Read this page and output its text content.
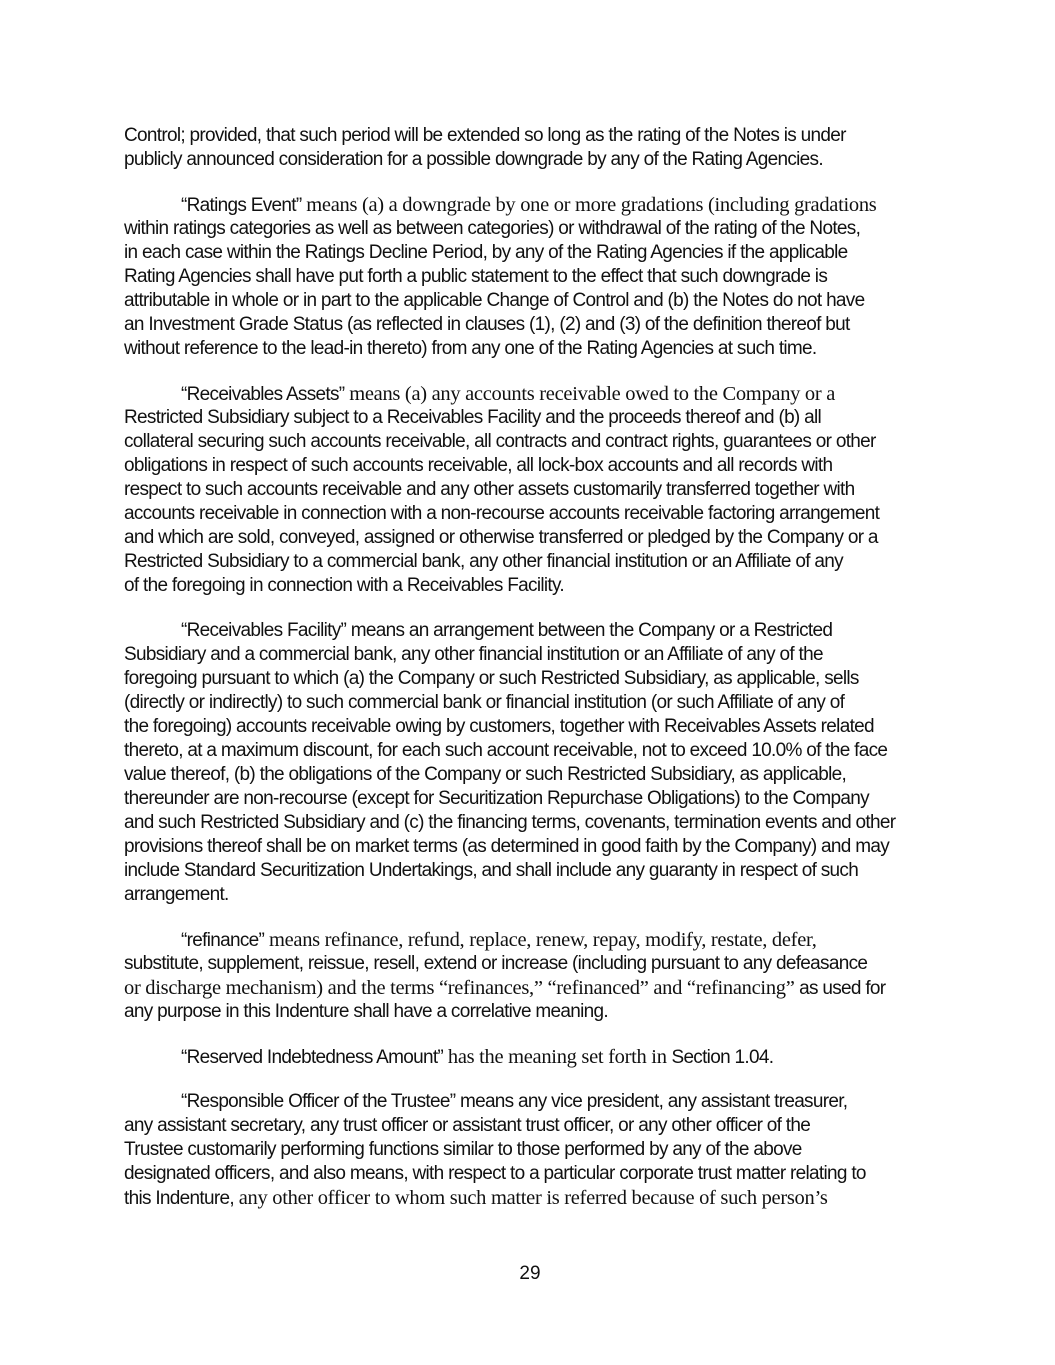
Control; provided, that such period will be extended so long as the rating of the Notes is under
publicly announced consideration for a possible downgrade by any of the Rating Agencies.
“Ratings Event” means (a) a downgrade by one or more gradations (including gradations
within ratings categories as well as between categories) or withdrawal of the rating of the Notes,
in each case within the Ratings Decline Period, by any of the Rating Agencies if the applicable
Rating Agencies shall have put forth a public statement to the effect that such downgrade is
attributable in whole or in part to the applicable Change of Control and (b) the Notes do not have
an Investment Grade Status (as reflected in clauses (1), (2) and (3) of the definition thereof but
without reference to the lead-in thereto) from any one of the Rating Agencies at such time.
“Receivables Assets” means (a) any accounts receivable owed to the Company or a
Restricted Subsidiary subject to a Receivables Facility and the proceeds thereof and (b) all
collateral securing such accounts receivable, all contracts and contract rights, guarantees or other
obligations in respect of such accounts receivable, all lock-box accounts and all records with
respect to such accounts receivable and any other assets customarily transferred together with
accounts receivable in connection with a non-recourse accounts receivable factoring arrangement
and which are sold, conveyed, assigned or otherwise transferred or pledged by the Company or a
Restricted Subsidiary to a commercial bank, any other financial institution or an Affiliate of any
of the foregoing in connection with a Receivables Facility.
“Receivables Facility” means an arrangement between the Company or a Restricted
Subsidiary and a commercial bank, any other financial institution or an Affiliate of any of the
foregoing pursuant to which (a) the Company or such Restricted Subsidiary, as applicable, sells
(directly or indirectly) to such commercial bank or financial institution (or such Affiliate of any of
the foregoing) accounts receivable owing by customers, together with Receivables Assets related
thereto, at a maximum discount, for each such account receivable, not to exceed 10.0% of the face
value thereof, (b) the obligations of the Company or such Restricted Subsidiary, as applicable,
thereunder are non-recourse (except for Securitization Repurchase Obligations) to the Company
and such Restricted Subsidiary and (c) the financing terms, covenants, termination events and other
provisions thereof shall be on market terms (as determined in good faith by the Company) and may
include Standard Securitization Undertakings, and shall include any guaranty in respect of such
arrangement.
“refinance” means refinance, refund, replace, renew, repay, modify, restate, defer,
substitute, supplement, reissue, resell, extend or increase (including pursuant to any defeasance
or discharge mechanism) and the terms “refinances,” “refinanced” and “refinancing” as used for
any purpose in this Indenture shall have a correlative meaning.
“Reserved Indebtedness Amount” has the meaning set forth in Section 1.04.
“Responsible Officer of the Trustee” means any vice president, any assistant treasurer,
any assistant secretary, any trust officer or assistant trust officer, or any other officer of the
Trustee customarily performing functions similar to those performed by any of the above
designated officers, and also means, with respect to a particular corporate trust matter relating to
this Indenture, any other officer to whom such matter is referred because of such person’s
29
